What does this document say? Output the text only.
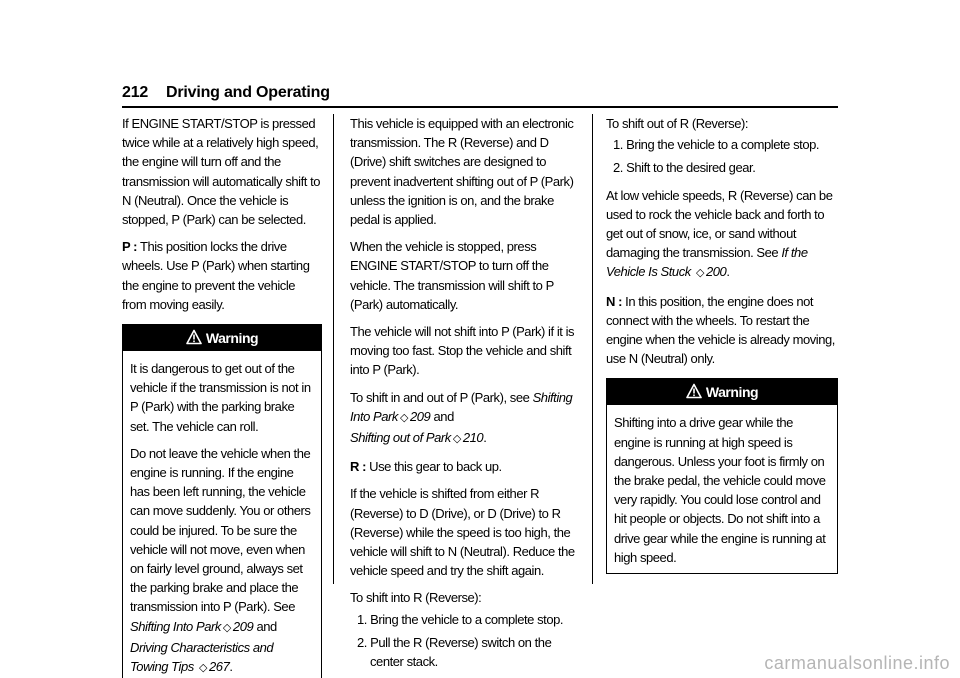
212 Driving and Operating

If ENGINE START/STOP is pressed twice while at a relatively high speed, the engine will turn off and the transmission will automatically shift to N (Neutral). Once the vehicle is stopped, P (Park) can be selected.

P : This position locks the drive wheels. Use P (Park) when starting the engine to prevent the vehicle from moving easily.

Warning

It is dangerous to get out of the vehicle if the transmission is not in P (Park) with the parking brake set. The vehicle can roll.

Do not leave the vehicle when the engine is running. If the engine has been left running, the vehicle can move suddenly. You or others could be injured. To be sure the vehicle will not move, even when on fairly level ground, always set the parking brake and place the transmission into P (Park). See Shifting Into Park ◇ 209 and Driving Characteristics and Towing Tips ◇ 267.

This vehicle is equipped with an electronic transmission. The R (Reverse) and D (Drive) shift switches are designed to prevent inadvertent shifting out of P (Park) unless the ignition is on, and the brake pedal is applied.

When the vehicle is stopped, press ENGINE START/STOP to turn off the vehicle. The transmission will shift to P (Park) automatically.

The vehicle will not shift into P (Park) if it is moving too fast. Stop the vehicle and shift into P (Park).

To shift in and out of P (Park), see Shifting Into Park ◇ 209 and
Shifting out of Park ◇ 210.

R : Use this gear to back up.

If the vehicle is shifted from either R (Reverse) to D (Drive), or D (Drive) to R (Reverse) while the speed is too high, the vehicle will shift to N (Neutral). Reduce the vehicle speed and try the shift again.

To shift into R (Reverse):

1. Bring the vehicle to a complete stop.
2. Pull the R (Reverse) switch on the center stack.

To shift out of R (Reverse):

1. Bring the vehicle to a complete stop.
2. Shift to the desired gear.

At low vehicle speeds, R (Reverse) can be used to rock the vehicle back and forth to get out of snow, ice, or sand without damaging the transmission. See If the Vehicle Is Stuck ◇ 200.

N : In this position, the engine does not connect with the wheels. To restart the engine when the vehicle is already moving, use N (Neutral) only.

Warning

Shifting into a drive gear while the engine is running at high speed is dangerous. Unless your foot is firmly on the brake pedal, the vehicle could move very rapidly. You could lose control and hit people or objects. Do not shift into a drive gear while the engine is running at high speed.

carmanualsonline.info
